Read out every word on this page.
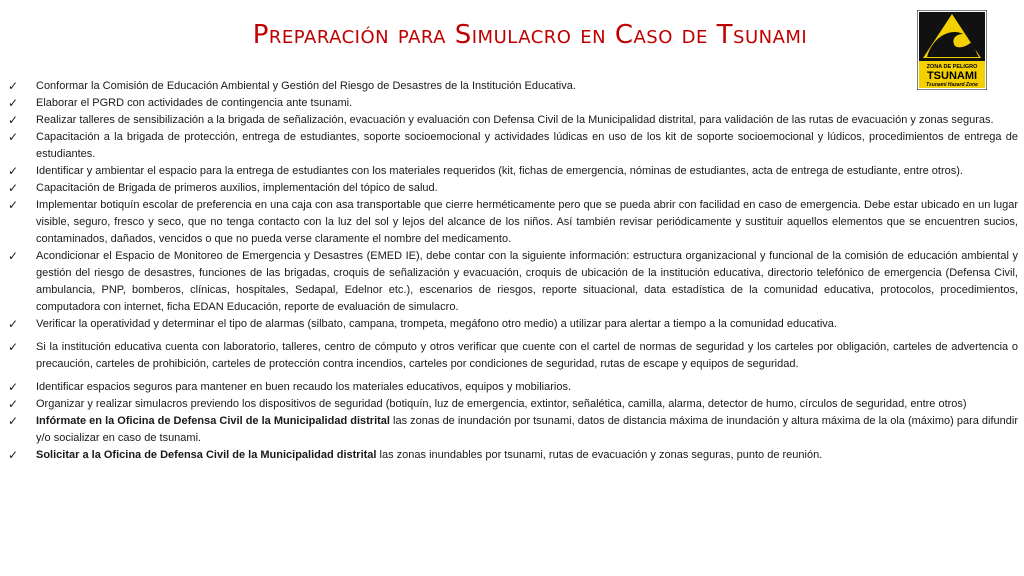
Preparación para Simulacro en Caso de Tsunami
ZONA DE PELIGRO
TSUNAMI
Tsunami Hazard Zone
✓ Conformar la Comisión de Educación Ambiental y Gestión del Riesgo de Desastres de la Institución Educativa.
✓ Elaborar el PGRD con actividades de contingencia ante tsunami.
✓ Realizar talleres de sensibilización a la brigada de señalización, evacuación y evaluación con Defensa Civil de la Municipalidad distrital, para validación de las rutas de evacuación y zonas seguras.
✓ Capacitación a la brigada de protección, entrega de estudiantes, soporte socioemocional y actividades lúdicas en uso de los kit de soporte socioemocional y lúdicos, procedimientos de entrega de estudiantes.
✓ Identificar y ambientar el espacio para la entrega de estudiantes con los materiales requeridos (kit, fichas de emergencia, nóminas de estudiantes, acta de entrega de estudiante, entre otros).
✓ Capacitación de Brigada de primeros auxilios, implementación del tópico de salud.
✓ Implementar botiquín escolar de preferencia en una caja con asa transportable que cierre herméticamente pero que se pueda abrir con facilidad en caso de emergencia. Debe estar ubicado en un lugar visible, seguro, fresco y seco, que no tenga contacto con la luz del sol y lejos del alcance de los niños. Así también revisar periódicamente y sustituir aquellos elementos que se encuentren sucios, contaminados, dañados, vencidos o que no pueda verse claramente el nombre del medicamento.
✓ Acondicionar el Espacio de Monitoreo de Emergencia y Desastres (EMED IE), debe contar con la siguiente información: estructura organizacional y funcional de la comisión de educación ambiental y gestión del riesgo de desastres, funciones de las brigadas, croquis de señalización y evacuación, croquis de ubicación de la institución educativa, directorio telefónico de emergencia (Defensa Civil, ambulancia, PNP, bomberos, clínicas, hospitales, Sedapal, Edelnor etc.), escenarios de riesgos, reporte situacional, data estadística de la comunidad educativa, protocolos, procedimientos, computadora con internet, ficha EDAN Educación, reporte de evaluación de simulacro.
✓ Verificar la operatividad y determinar el tipo de alarmas (silbato, campana, trompeta, megáfono otro medio) a utilizar para alertar a tiempo a la comunidad educativa.
✓ Si la institución educativa cuenta con laboratorio, talleres, centro de cómputo y otros verificar que cuente con el cartel de normas de seguridad y los carteles por obligación, carteles de advertencia o precaución, carteles de prohibición, carteles de protección contra incendios, carteles por condiciones de seguridad, rutas de escape y equipos de seguridad.
✓ Identificar espacios seguros para mantener en buen recaudo los materiales educativos, equipos y mobiliarios.
✓ Organizar y realizar simulacros previendo los dispositivos de seguridad (botiquín, luz de emergencia, extintor, señalética, camilla, alarma, detector de humo, círculos de seguridad, entre otros)
✓ Infórmate en la Oficina de Defensa Civil de la Municipalidad distrital las zonas de inundación por tsunami, datos de distancia máxima de inundación y altura máxima de la ola (máximo) para difundir y/o socializar en caso de tsunami.
✓ Solicitar a la Oficina de Defensa Civil de la Municipalidad distrital las zonas inundables por tsunami, rutas de evacuación y zonas seguras, punto de reunión.
